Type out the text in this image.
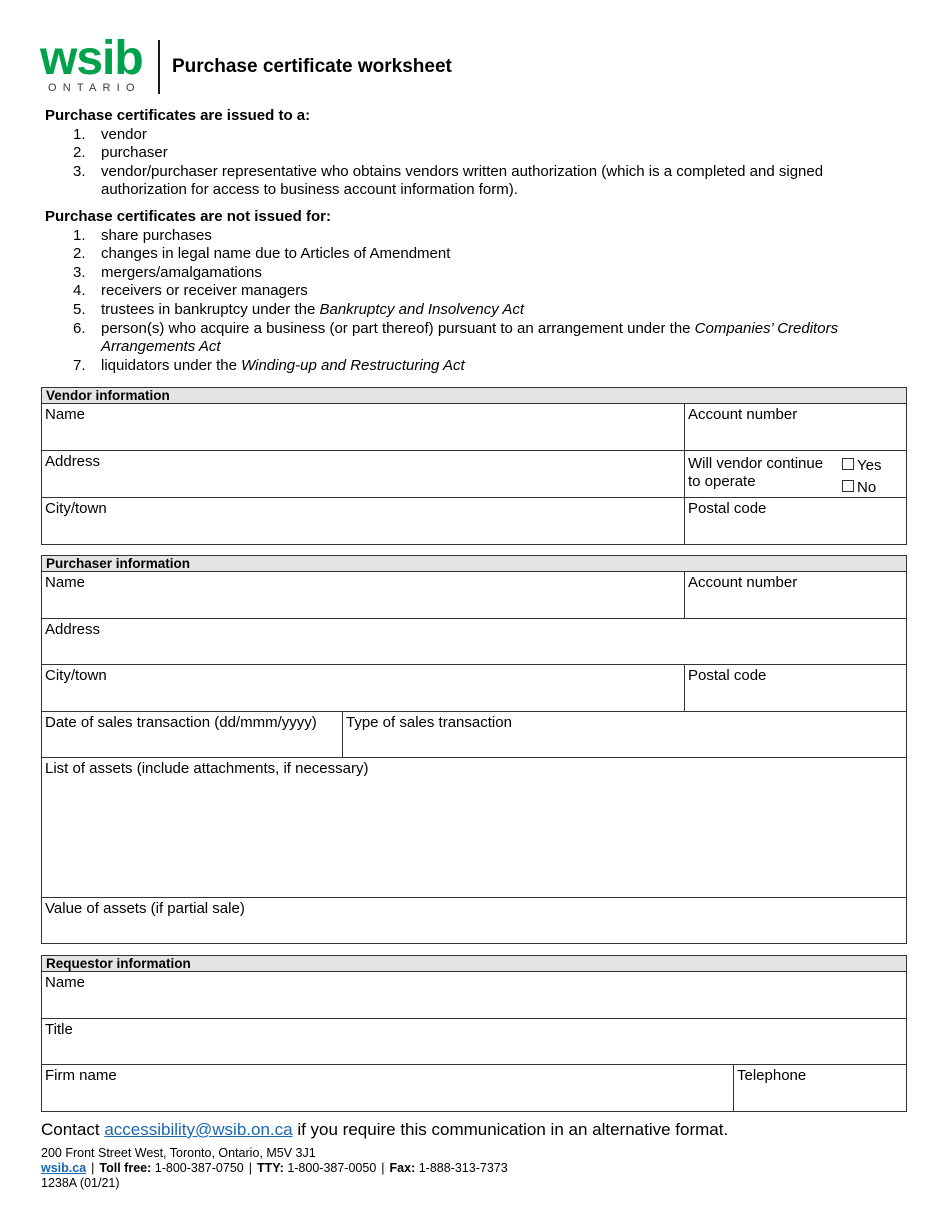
wsib
ONTARIO
Purchase certificate worksheet
Purchase certificates are issued to a:
1.	vendor
2.	purchaser
3.	vendor/purchaser representative who obtains vendors written authorization (which is a completed and signed authorization for access to business account information form).
Purchase certificates are not issued for:
1.	share purchases
2.	changes in legal name due to Articles of Amendment
3.	mergers/amalgamations
4.	receivers or receiver managers
5.	trustees in bankruptcy under the Bankruptcy and Insolvency Act
6.	person(s) who acquire a business (or part thereof) pursuant to an arrangement under the Companies’ Creditors Arrangements Act
7.	liquidators under the Winding-up and Restructuring Act
Vendor information
Name	Account number
Address	Will vendor continue
to operate
Yes
No
City/town	Postal code
Purchaser information
Name	Account number
Address
City/town	Postal code
Date of sales transaction (dd/mmm/yyyy)	Type of sales transaction
List of assets (include attachments, if necessary)
Value of assets (if partial sale)
Requestor information
Name
Title
Firm name	Telephone
Contact accessibility@wsib.on.ca if you require this communication in an alternative format.
200 Front Street West, Toronto, Ontario, M5V 3J1
wsib.ca | Toll free: 1-800-387-0750 | TTY: 1-800-387-0050 | Fax: 1-888-313-7373
1238A (01/21)
